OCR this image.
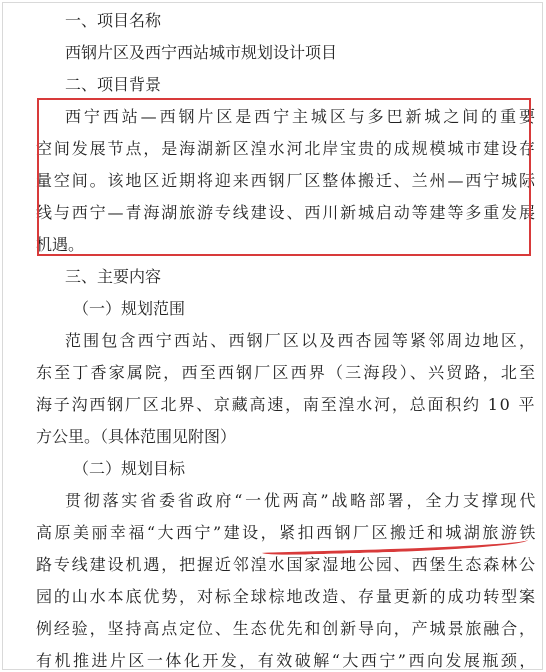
一、项目名称
西钢片区及西宁西站城市规划设计项目
二、项目背景
西宁西站—西钢片区是西宁主城区与多巴新城之间的重要
空间发展节点，是海湖新区湟水河北岸宝贵的成规模城市建设存
量空间。该地区近期将迎来西钢厂区整体搬迁、兰州—西宁城际
线与西宁—青海湖旅游专线建设、西川新城启动等建等多重发展
机遇。
三、主要内容
（一）规划范围
范围包含西宁西站、西钢厂区以及西杏园等紧邻周边地区，
东至丁香家属院，西至西钢厂区西界（三海段）、兴贸路，北至
海子沟西钢厂区北界、京藏高速，南至湟水河，总面积约 10 平
方公里。（具体范围见附图）
（二）规划目标
贯彻落实省委省政府“一优两高”战略部署，全力支撑现代
高原美丽幸福“大西宁”建设，紧扣西钢厂区搬迁和城湖旅游铁
路专线建设机遇，把握近邻湟水国家湿地公园、西堡生态森林公
园的山水本底优势，对标全球棕地改造、存量更新的成功转型案
例经验，坚持高点定位、生态优先和创新导向，产城景旅融合，
有机推进片区一体化开发，有效破解“大西宁”西向发展瓶颈，
